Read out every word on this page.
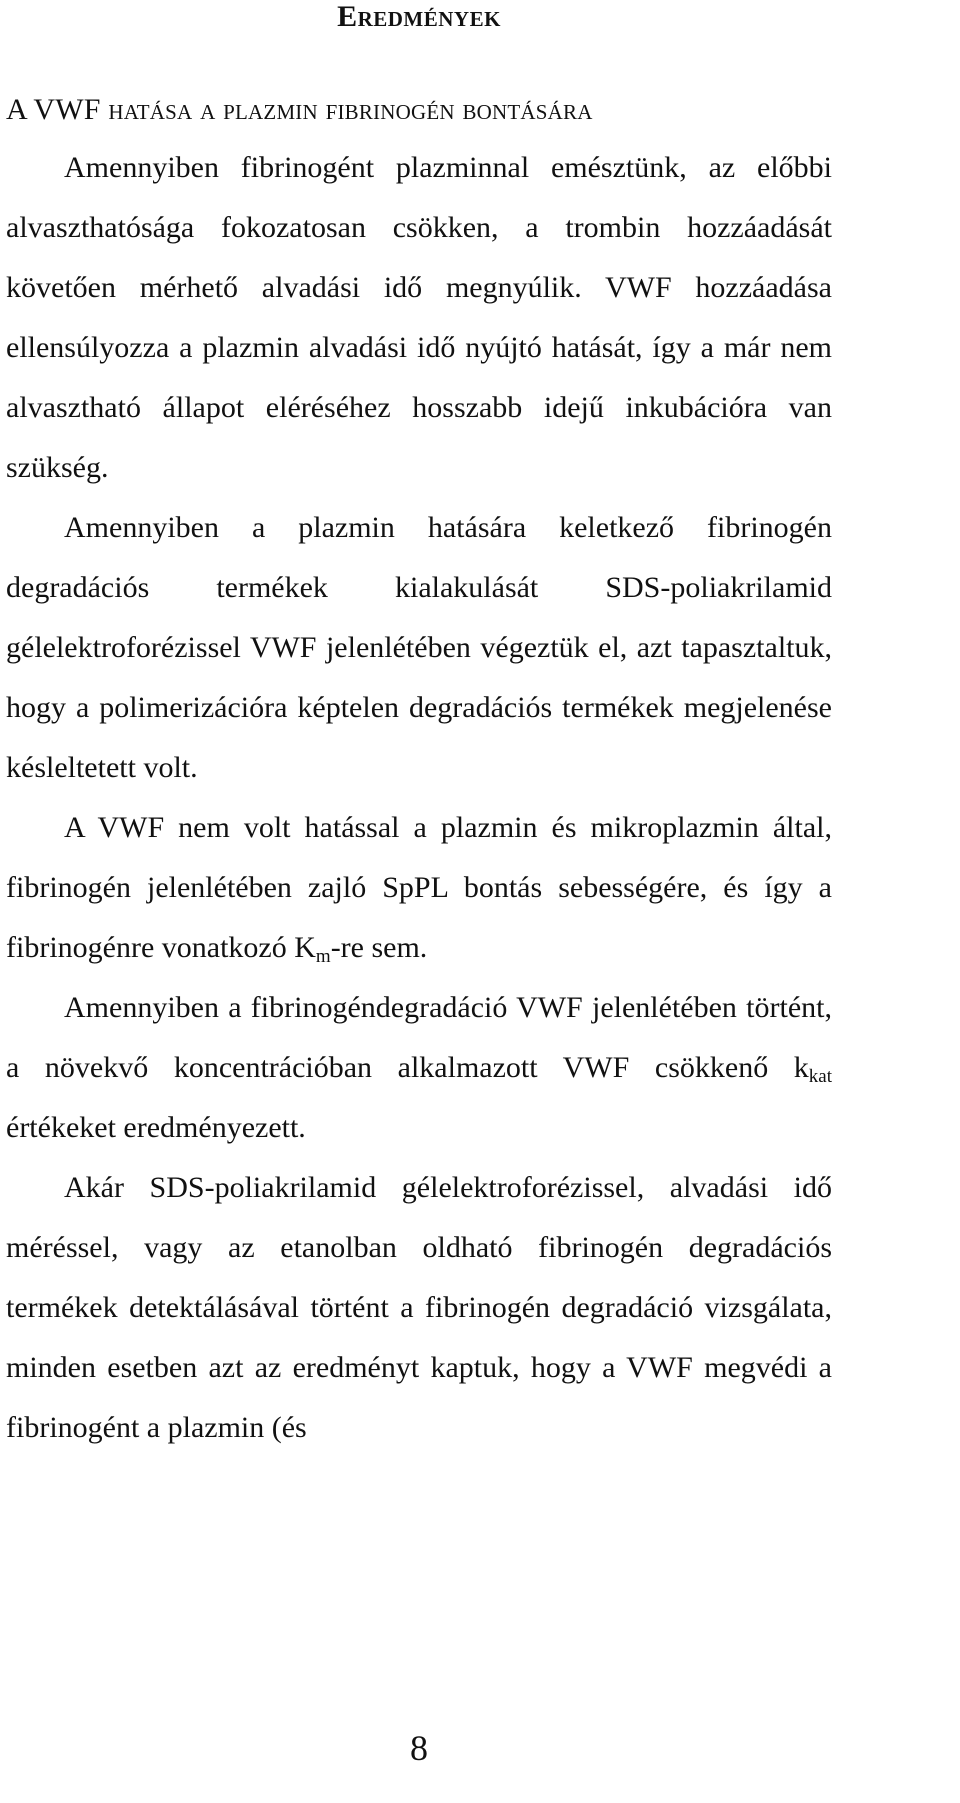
Eredmények
A VWF hatása a plazmin fibrinogén bontására

Amennyiben fibrinogént plazminnal emésztünk, az előbbi alvaszthatósága fokozatosan csökken, a trombin hozzáadását követően mérhető alvadási idő megnyúlik. VWF hozzáadása ellensúlyozza a plazmin alvadási idő nyújtó hatását, így a már nem alvasztható állapot eléréséhez hosszabb idejű inkubációra van szükség.

Amennyiben a plazmin hatására keletkező fibrinogén degradációs termékek kialakulását SDS-poliakrilamid gélelektroforézissel VWF jelenlétében végeztük el, azt tapasztaltuk, hogy a polimerizációra képtelen degradációs termékek megjelenése késleltetett volt.

A VWF nem volt hatással a plazmin és mikroplazmin által, fibrinogén jelenlétében zajló SpPL bontás sebességére, és így a fibrinogénre vonatkozó $K_m-re$ sem.

Amennyiben a fibrinogéndegradáció VWF jelenlétében történt, a növekvő koncentrációban alkalmazott VWF csökkenő $k_{kat}$ értékeket eredményezett.

Akár SDS-poliakrilamid gélelektroforézissel, alvadási idő méréssel, vagy az etanolban oldható fibrinogén degradációs termékek detektálásával történt a fibrinogén degradáció vizsgálata, minden esetben azt az eredményt kaptuk, hogy a VWF megvédi a fibrinogént a plazmin (és

8
